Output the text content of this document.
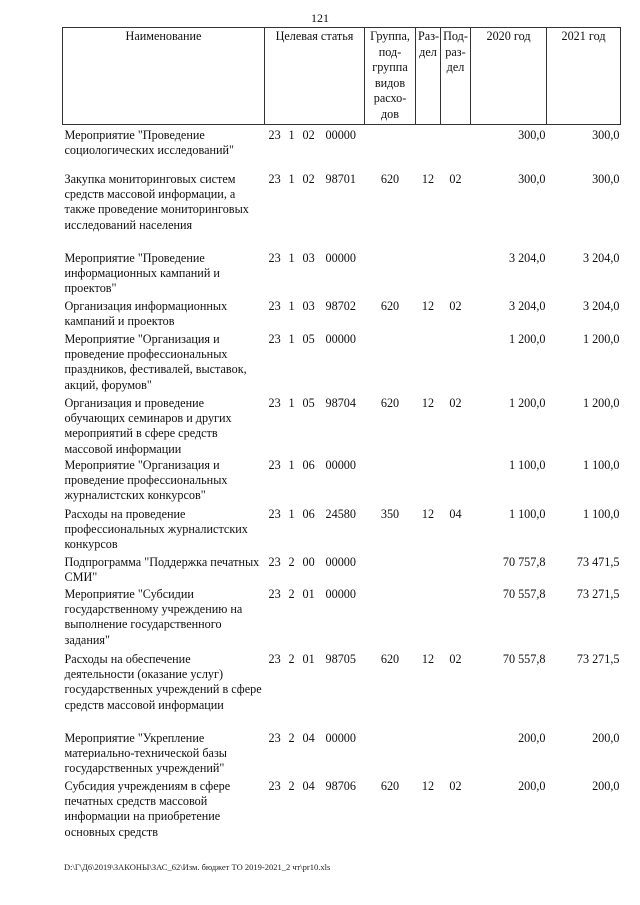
121
Наименование	Целевая статья	Группа, под-группа видов расхо-дов	Раз-дел	Под-раз-дел	2020 год	2021 год
Мероприятие "Проведение социологических исследований"	23 1 02 00000				300,0	300,0
Закупка мониторинговых систем средств массовой информации, а также проведение мониторинговых исследований населения	23 1 02 98701	620	12	02	300,0	300,0
Мероприятие "Проведение информационных кампаний и проектов"	23 1 03 00000				3 204,0	3 204,0
Организация информационных кампаний и проектов	23 1 03 98702	620	12	02	3 204,0	3 204,0
Мероприятие "Организация и проведение профессиональных праздников, фестивалей, выставок, акций, форумов"	23 1 05 00000				1 200,0	1 200,0
Организация и проведение обучающих семинаров и других мероприятий в сфере средств массовой информации	23 1 05 98704	620	12	02	1 200,0	1 200,0
Мероприятие "Организация и проведение профессиональных журналистских конкурсов"	23 1 06 00000				1 100,0	1 100,0
Расходы на проведение профессиональных журналистских конкурсов	23 1 06 24580	350	12	04	1 100,0	1 100,0
Подпрограмма "Поддержка печатных СМИ"	23 2 00 00000				70 757,8	73 471,5
Мероприятие "Субсидии государственному учреждению на выполнение государственного задания"	23 2 01 00000				70 557,8	73 271,5
Расходы на обеспечение деятельности (оказание услуг) государственных учреждений в сфере средств массовой информации	23 2 01 98705	620	12	02	70 557,8	73 271,5
Мероприятие "Укрепление материально-технической базы государственных учреждений"	23 2 04 00000				200,0	200,0
Субсидия учреждениям в сфере печатных средств массовой информации на приобретение основных средств	23 2 04 98706	620	12	02	200,0	200,0
D:\Г\Д6\2019\ЗАКОНЫ\ЗАС_62\Изм. бюджет ТО 2019-2021_2 чт\pr10.xls
